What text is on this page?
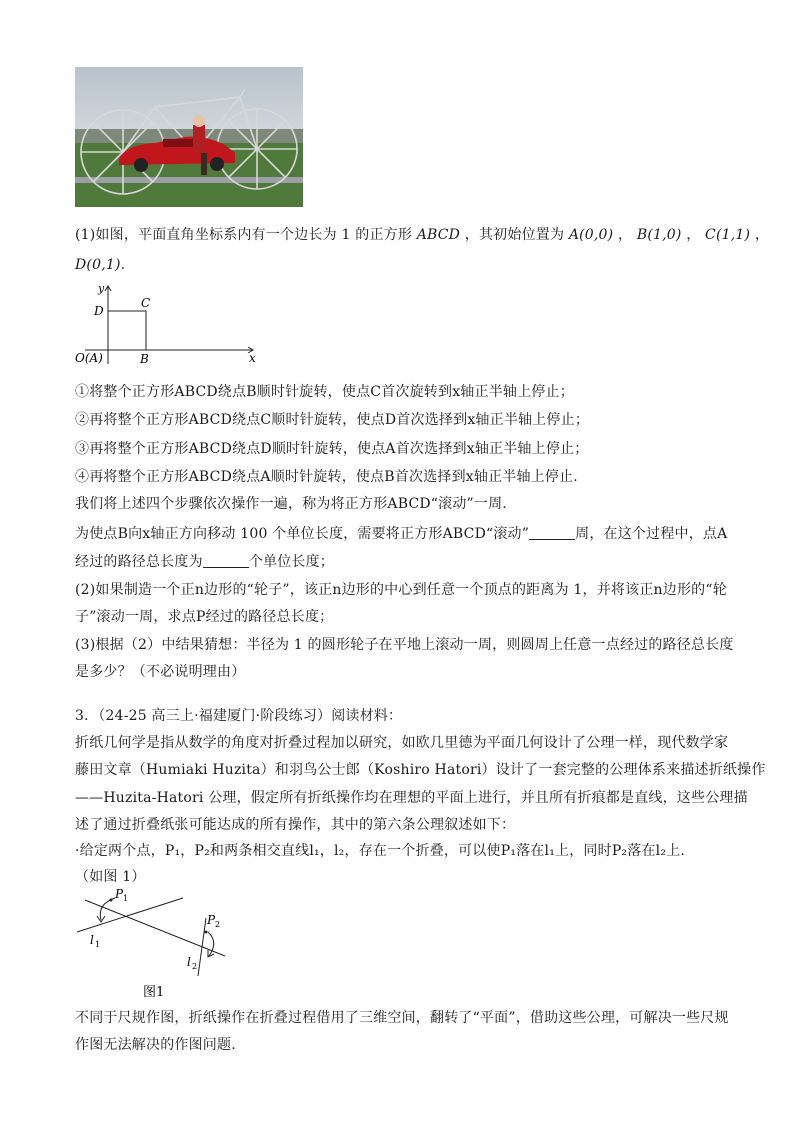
(1)如图，平面直角坐标系内有一个边长为 1 的正方形 ABCD ，其初始位置为 A(0,0) ， B(1,0) ， C(1,1) ，
D(0,1).
y
D
C
O(A)	B	x
①将整个正方形ABCD绕点B顺时针旋转，使点C首次旋转到x轴正半轴上停止；
②再将整个正方形ABCD绕点C顺时针旋转，使点D首次选择到x轴正半轴上停止；
③再将整个正方形ABCD绕点D顺时针旋转，使点A首次选择到x轴正半轴上停止；
④再将整个正方形ABCD绕点A顺时针旋转，使点B首次选择到x轴正半轴上停止.
我们将上述四个步骤依次操作一遍，称为将正方形ABCD“滚动”一周.
为使点B向x轴正方向移动 100 个单位长度，需要将正方形ABCD“滚动”	周，在这个过程中，点A
经过的路径总长度为	个单位长度；
(2)如果制造一个正n边形的“轮子”，该正n边形的中心到任意一个顶点的距离为 1，并将该正n边形的“轮
子”滚动一周，求点P经过的路径总长度；
(3)根据（2）中结果猜想：半径为 1 的圆形轮子在平地上滚动一周，则圆周上任意一点经过的路径总长度
是多少？（不必说明理由）
3．（24-25 高三上·福建厦门·阶段练习）阅读材料：
折纸几何学是指从数学的角度对折叠过程加以研究，如欧几里德为平面几何设计了公理一样，现代数学家
藤田文章（Humiaki Huzita）和羽鸟公士郎（Koshiro Hatori）设计了一套完整的公理体系来描述折纸操作
——Huzita-Hatori 公理，假定所有折纸操作均在理想的平面上进行，并且所有折痕都是直线，这些公理描
述了通过折叠纸张可能达成的所有操作，其中的第六条公理叙述如下：
·给定两个点，P₁，P₂和两条相交直线l₁，l₂，存在一个折叠，可以使P₁落在l₁上，同时P₂落在l₂上.
（如图 1）
P 1
P 2
l 1
l 2
图1
不同于尺规作图，折纸操作在折叠过程借用了三维空间，翻转了“平面”，借助这些公理，可解决一些尺规
作图无法解决的作图问题.
